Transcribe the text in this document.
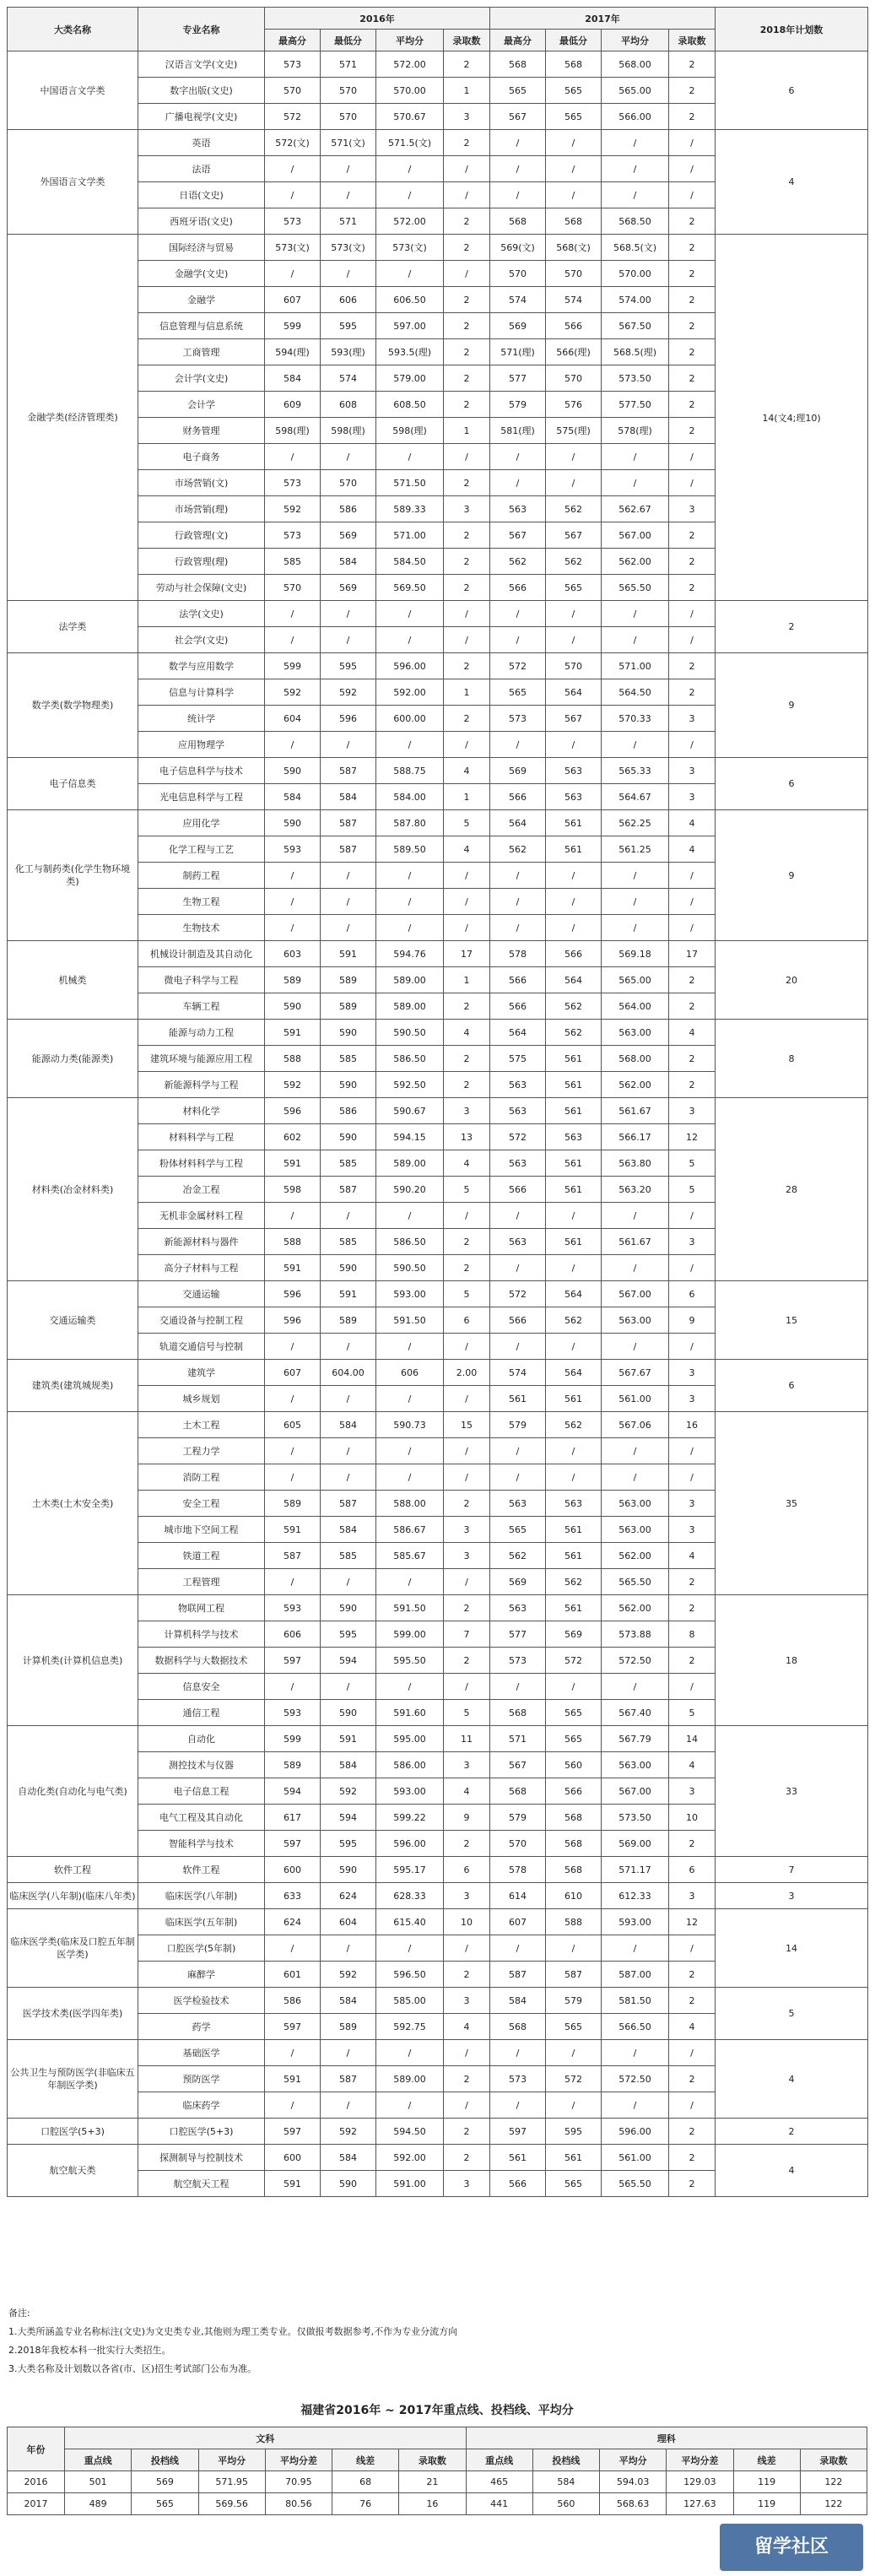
大类名称	专业名称	2016年				2017年				2018年计划数
		最高分	最低分	平均分	录取数	最高分	最低分	平均分	录取数	
中国语言文学类	汉语言文学(文史)	573	571	572.00	2	568	568	568.00	2	6
	数字出版(文史)	570	570	570.00	1	565	565	565.00	2	
	广播电视学(文史)	572	570	570.67	3	567	565	566.00	2	
外国语言文学类	英语	572(文)	571(文)	571.5(文)	2	/	/	/	/	4
	法语	/	/	/	/	/	/	/	/	
	日语(文史)	/	/	/	/	/	/	/	/	
	西班牙语(文史)	573	571	572.00	2	568	568	568.50	2	
金融学类(经济管理类)	国际经济与贸易	573(文)	573(文)	573(文)	2	569(文)	568(文)	568.5(文)	2	14(文4;理10)
	金融学(文史)	/	/	/	/	570	570	570.00	2	
	金融学	607	606	606.50	2	574	574	574.00	2	
	信息管理与信息系统	599	595	597.00	2	569	566	567.50	2	
	工商管理	594(理)	593(理)	593.5(理)	2	571(理)	566(理)	568.5(理)	2	
	会计学(文史)	584	574	579.00	2	577	570	573.50	2	
	会计学	609	608	608.50	2	579	576	577.50	2	
	财务管理	598(理)	598(理)	598(理)	1	581(理)	575(理)	578(理)	2	
	电子商务	/	/	/	/	/	/	/	/	
	市场营销(文)	573	570	571.50	2	/	/	/	/	
	市场营销(理)	592	586	589.33	3	563	562	562.67	3	
	行政管理(文)	573	569	571.00	2	567	567	567.00	2	
	行政管理(理)	585	584	584.50	2	562	562	562.00	2	
	劳动与社会保障(文史)	570	569	569.50	2	566	565	565.50	2	
法学类	法学(文史)	/	/	/	/	/	/	/	/	2
	社会学(文史)	/	/	/	/	/	/	/	/	
数学类(数学物理类)	数学与应用数学	599	595	596.00	2	572	570	571.00	2	9
	信息与计算科学	592	592	592.00	1	565	564	564.50	2	
	统计学	604	596	600.00	2	573	567	570.33	3	
	应用物理学	/	/	/	/	/	/	/	/	
电子信息类	电子信息科学与技术	590	587	588.75	4	569	563	565.33	3	6
	光电信息科学与工程	584	584	584.00	1	566	563	564.67	3	
化工与制药类(化学生物环境类)	应用化学	590	587	587.80	5	564	561	562.25	4	9
	化学工程与工艺	593	587	589.50	4	562	561	561.25	4	
	制药工程	/	/	/	/	/	/	/	/	
	生物工程	/	/	/	/	/	/	/	/	
	生物技术	/	/	/	/	/	/	/	/	
机械类	机械设计制造及其自动化	603	591	594.76	17	578	566	569.18	17	20
	微电子科学与工程	589	589	589.00	1	566	564	565.00	2	
	车辆工程	590	589	589.00	2	566	562	564.00	2	
能源动力类(能源类)	能源与动力工程	591	590	590.50	4	564	562	563.00	4	8
	建筑环境与能源应用工程	588	585	586.50	2	575	561	568.00	2	
	新能源科学与工程	592	590	592.50	2	563	561	562.00	2	
材料类(冶金材料类)	材料化学	596	586	590.67	3	563	561	561.67	3	28
	材料科学与工程	602	590	594.15	13	572	563	566.17	12	
	粉体材料科学与工程	591	585	589.00	4	563	561	563.80	5	
	冶金工程	598	587	590.20	5	566	561	563.20	5	
	无机非金属材料工程	/	/	/	/	/	/	/	/	
	新能源材料与器件	588	585	586.50	2	563	561	561.67	3	
	高分子材料与工程	591	590	590.50	2	/	/	/	/	
交通运输类	交通运输	596	591	593.00	5	572	564	567.00	6	15
	交通设备与控制工程	596	589	591.50	6	566	562	563.00	9	
	轨道交通信号与控制	/	/	/	/	/	/	/	/	
建筑类(建筑城规类)	建筑学	607	604.00	606	2.00	574	564	567.67	3	6
	城乡规划	/	/	/	/	561	561	561.00	3	
土木类(土木安全类)	土木工程	605	584	590.73	15	579	562	567.06	16	35
	工程力学	/	/	/	/	/	/	/	/	
	消防工程	/	/	/	/	/	/	/	/	
	安全工程	589	587	588.00	2	563	563	563.00	3	
	城市地下空间工程	591	584	586.67	3	565	561	563.00	3	
	铁道工程	587	585	585.67	3	562	561	562.00	4	
	工程管理	/	/	/	/	569	562	565.50	2	
计算机类(计算机信息类)	物联网工程	593	590	591.50	2	563	561	562.00	2	18
	计算机科学与技术	606	595	599.00	7	577	569	573.88	8	
	数据科学与大数据技术	597	594	595.50	2	573	572	572.50	2	
	信息安全	/	/	/	/	/	/	/	/	
	通信工程	593	590	591.60	5	568	565	567.40	5	
自动化类(自动化与电气类)	自动化	599	591	595.00	11	571	565	567.79	14	33
	测控技术与仪器	589	584	586.00	3	567	560	563.00	4	
	电子信息工程	594	592	593.00	4	568	566	567.00	3	
	电气工程及其自动化	617	594	599.22	9	579	568	573.50	10	
	智能科学与技术	597	595	596.00	2	570	568	569.00	2	
软件工程	软件工程	600	590	595.17	6	578	568	571.17	6	7
临床医学(八年制)(临床八年类)	临床医学(八年制)	633	624	628.33	3	614	610	612.33	3	3
临床医学类(临床及口腔五年制医学类)	临床医学(五年制)	624	604	615.40	10	607	588	593.00	12	14
	口腔医学(5年制)	/	/	/	/	/	/	/	/	
	麻醉学	601	592	596.50	2	587	587	587.00	2	
医学技术类(医学四年类)	医学检验技术	586	584	585.00	3	584	579	581.50	2	5
	药学	597	589	592.75	4	568	565	566.50	4	
公共卫生与预防医学(非临床五年制医学类)	基础医学	/	/	/	/	/	/	/	/	4
	预防医学	591	587	589.00	2	573	572	572.50	2	
	临床药学	/	/	/	/	/	/	/	/	
口腔医学(5+3)	口腔医学(5+3)	597	592	594.50	2	597	595	596.00	2	2
航空航天类	探测制导与控制技术	600	584	592.00	2	561	561	561.00	2	4
	航空航天工程	591	590	591.00	3	566	565	565.50	2	

备注:

1.大类所涵盖专业名称标注(文史)为文史类专业,其他则为理工类专业。仅做报考数据参考,不作为专业分流方向

2.2018年我校本科一批实行大类招生。

3.大类名称及计划数以各省(市、区)招生考试部门公布为准。

福建省2016年 ~ 2017年重点线、投档线、平均分
年份	文科						理科					
	重点线	投档线	平均分	平均分差	线差	录取数	重点线	投档线	平均分	平均分差	线差	录取数
2016	501	569	571.95	70.95	68	21	465	584	594.03	129.03	119	122
2017	489	565	569.56	80.56	76	16	441	560	568.63	127.63	119	122
留学社区
